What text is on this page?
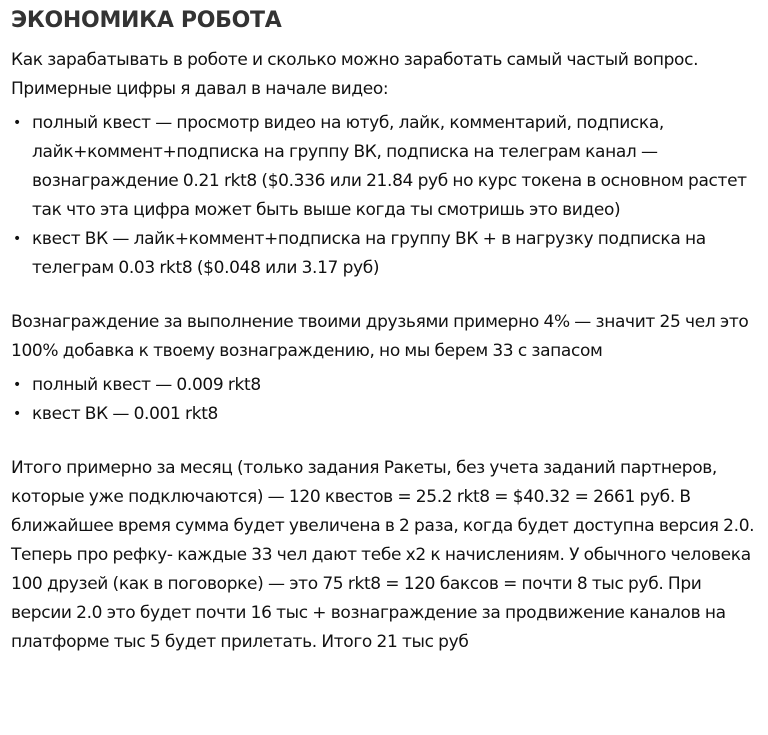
ЭКОНОМИКА РОБОТА

Как зарабатывать в роботе и сколько можно заработать самый частый вопрос. Примерные цифры я давал в начале видео:

• полный квест — просмотр видео на ютуб, лайк, комментарий, подписка, лайк+коммент+подписка на группу ВК, подписка на телеграм канал — вознаграждение 0.21 rkt8 ($0.336 или 21.84 руб но курс токена в основном растет так что эта цифра может быть выше когда ты смотришь это видео)
• квест ВК — лайк+коммент+подписка на группу ВК + в нагрузку подписка на телеграм 0.03 rkt8 ($0.048 или 3.17 руб)

Вознаграждение за выполнение твоими друзьями примерно 4% — значит 25 чел это 100% добавка к твоему вознаграждению, но мы берем 33 с запасом

• полный квест — 0.009 rkt8
• квест ВК — 0.001 rkt8

Итого примерно за месяц (только задания Ракеты, без учета заданий партнеров, которые уже подключаются) — 120 квестов = 25.2 rkt8 = $40.32 = 2661 руб. В ближайшее время сумма будет увеличена в 2 раза, когда будет доступна версия 2.0. Теперь про рефку- каждые 33 чел дают тебе x2 к начислениям. У обычного человека 100 друзей (как в поговорке) — это 75 rkt8 = 120 баксов = почти 8 тыс руб. При версии 2.0 это будет почти 16 тыс + вознаграждение за продвижение каналов на платформе тыс 5 будет прилетать. Итого 21 тыс руб
